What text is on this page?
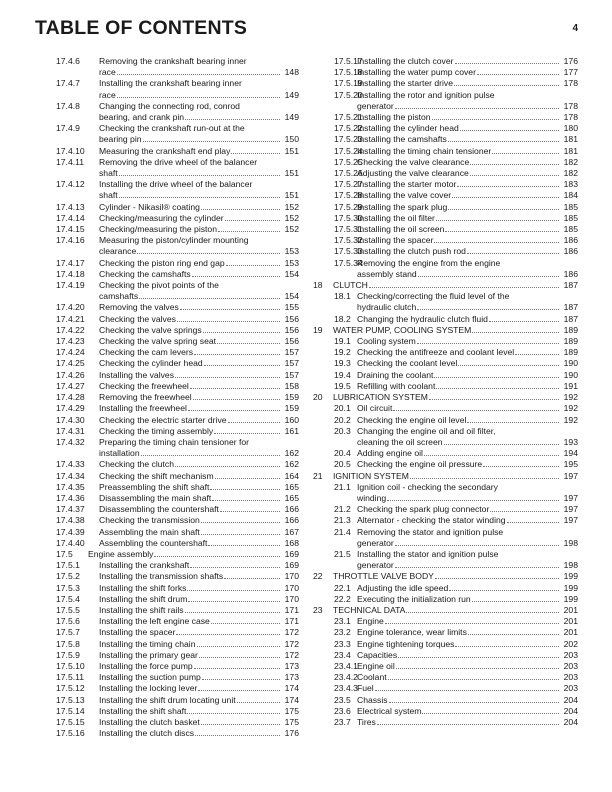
TABLE OF CONTENTS	4
17.4.6	Removing the crankshaft bearing inner
race	148
17.4.7	Installing the crankshaft bearing inner
race	149
17.4.8	Changing the connecting rod, conrod
bearing, and crank pin	149
17.4.9	Checking the crankshaft run-out at the
bearing pin	150
17.4.10	Measuring the crankshaft end play	151
17.4.11	Removing the drive wheel of the balancer
shaft	151
17.4.12	Installing the drive wheel of the balancer
shaft	151
17.4.13	Cylinder - Nikasil® coating	152
17.4.14	Checking/measuring the cylinder	152
17.4.15	Checking/measuring the piston	152
17.4.16	Measuring the piston/cylinder mounting
clearance	153
17.4.17	Checking the piston ring end gap	153
17.4.18	Checking the camshafts	154
17.4.19	Checking the pivot points of the
camshafts	154
17.4.20	Removing the valves	155
17.4.21	Checking the valves	156
17.4.22	Checking the valve springs	156
17.4.23	Checking the valve spring seat	156
17.4.24	Checking the cam levers	157
17.4.25	Checking the cylinder head	157
17.4.26	Installing the valves	157
17.4.27	Checking the freewheel	158
17.4.28	Removing the freewheel	159
17.4.29	Installing the freewheel	159
17.4.30	Checking the electric starter drive	160
17.4.31	Checking the timing assembly	161
17.4.32	Preparing the timing chain tensioner for
installation	162
17.4.33	Checking the clutch	162
17.4.34	Checking the shift mechanism	164
17.4.35	Preassembling the shift shaft	165
17.4.36	Disassembling the main shaft	165
17.4.37	Disassembling the countershaft	166
17.4.38	Checking the transmission	166
17.4.39	Assembling the main shaft	167
17.4.40	Assembling the countershaft	168
17.5	Engine assembly	169
17.5.1	Installing the crankshaft	169
17.5.2	Installing the transmission shafts	170
17.5.3	Installing the shift forks	170
17.5.4	Installing the shift drum	170
17.5.5	Installing the shift rails	171
17.5.6	Installing the left engine case	171
17.5.7	Installing the spacer	172
17.5.8	Installing the timing chain	172
17.5.9	Installing the primary gear	172
17.5.10	Installing the force pump	173
17.5.11	Installing the suction pump	173
17.5.12	Installing the locking lever	174
17.5.13	Installing the shift drum locating unit	174
17.5.14	Installing the shift shaft	175
17.5.15	Installing the clutch basket	175
17.5.16	Installing the clutch discs	176
17.5.17
Installing the clutch cover	176
17.5.18
Installing the water pump cover	177
17.5.19
Installing the starter drive	178
17.5.20
Installing the rotor and ignition pulse
generator	178
17.5.21
Installing the piston	178
17.5.22
Installing the cylinder head	180
17.5.23
Installing the camshafts	181
17.5.24
Installing the timing chain tensioner	181
17.5.25
Checking the valve clearance	182
17.5.26
Adjusting the valve clearance	182
17.5.27
Installing the starter motor	183
17.5.28
Installing the valve cover	184
17.5.29
Installing the spark plug	185
17.5.30
Installing the oil filter	185
17.5.31
Installing the oil screen	185
17.5.32
Installing the spacer	186
17.5.33
Installing the clutch push rod	186
17.5.34
Removing the engine from the engine
assembly stand	186
18	CLUTCH	187
18.1 Checking/correcting the fluid level of the
hydraulic clutch	187
18.2 Changing the hydraulic clutch fluid	187
19	WATER PUMP, COOLING SYSTEM	189
19.1 Cooling system	189
19.2 Checking the antifreeze and coolant level	189
19.3 Checking the coolant level	190
19.4 Draining the coolant	190
19.5 Refilling with coolant	191
20	LUBRICATION SYSTEM	192
20.1 Oil circuit	192
20.2 Checking the engine oil level	192
20.3 Changing the engine oil and oil filter,
cleaning the oil screen	193
20.4 Adding engine oil	194
20.5 Checking the engine oil pressure	195
21	IGNITION SYSTEM	197
21.1 Ignition coil - checking the secondary
winding	197
21.2 Checking the spark plug connector	197
21.3 Alternator - checking the stator winding	197
21.4 Removing the stator and ignition pulse
generator	198
21.5 Installing the stator and ignition pulse
generator	198
22	THROTTLE VALVE BODY	199
22.1 Adjusting the idle speed	199
22.2 Executing the initialization run	199
23	TECHNICAL DATA	201
23.1 Engine	201
23.2 Engine tolerance, wear limits	201
23.3 Engine tightening torques	202
23.4 Capacities	203
23.4.1 Engine oil	203
23.4.2 Coolant	203
23.4.3 Fuel	203
23.5 Chassis	204
23.6 Electrical system	204
23.7 Tires	204
